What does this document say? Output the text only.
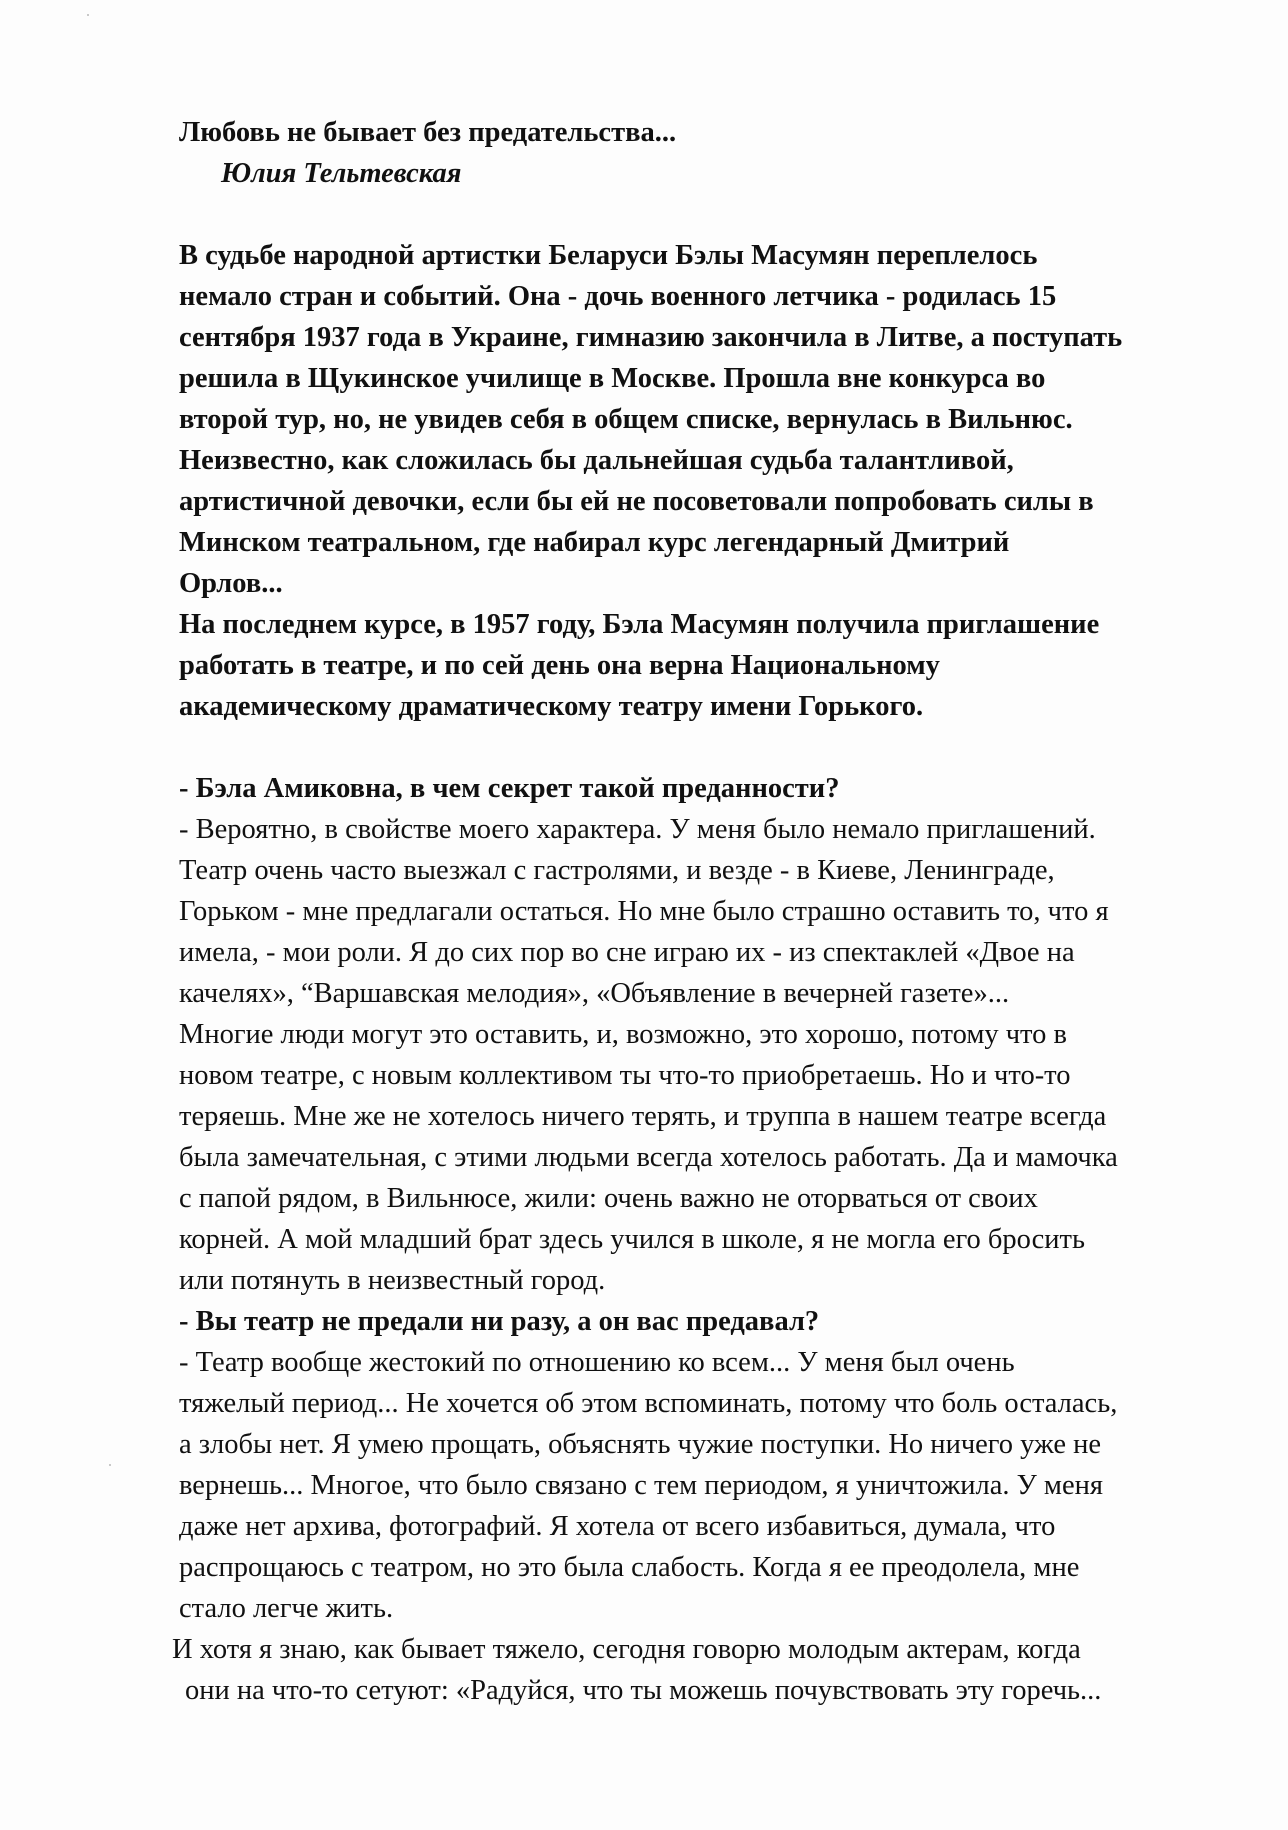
Любовь не бывает без предательства...
Юлия Тельтевская
В судьбе народной артистки Беларуси Бэлы Масумян переплелось
немало стран и событий. Она - дочь военного летчика - родилась 15
сентября 1937 года в Украине, гимназию закончила в Литве, а поступать
решила в Щукинское училище в Москве. Прошла вне конкурса во
второй тур, но, не увидев себя в общем списке, вернулась в Вильнюс.
Неизвестно, как сложилась бы дальнейшая судьба талантливой,
артистичной девочки, если бы ей не посоветовали попробовать силы в
Минском театральном, где набирал курс легендарный Дмитрий
Орлов...
На последнем курсе, в 1957 году, Бэла Масумян получила приглашение
работать в театре, и по сей день она верна Национальному
академическому драматическому театру имени Горького.
- Бэла Амиковна, в чем секрет такой преданности?
- Вероятно, в свойстве моего характера. У меня было немало приглашений.
Театр очень часто выезжал с гастролями, и везде - в Киеве, Ленинграде,
Горьком - мне предлагали остаться. Но мне было страшно оставить то, что я
имела, - мои роли. Я до сих пор во сне играю их - из спектаклей «Двое на
качелях», “Варшавская мелодия», «Объявление в вечерней газете»...
Многие люди могут это оставить, и, возможно, это хорошо, потому что в
новом театре, с новым коллективом ты что-то приобретаешь. Но и что-то
теряешь. Мне же не хотелось ничего терять, и труппа в нашем театре всегда
была замечательная, с этими людьми всегда хотелось работать. Да и мамочка
с папой рядом, в Вильнюсе, жили: очень важно не оторваться от своих
корней. А мой младший брат здесь учился в школе, я не могла его бросить
или потянуть в неизвестный город.
- Вы театр не предали ни разу, а он вас предавал?
- Театр вообще жестокий по отношению ко всем... У меня был очень
тяжелый период... Не хочется об этом вспоминать, потому что боль осталась,
а злобы нет. Я умею прощать, объяснять чужие поступки. Но ничего уже не
вернешь... Многое, что было связано с тем периодом, я уничтожила. У меня
даже нет архива, фотографий. Я хотела от всего избавиться, думала, что
распрощаюсь с театром, но это была слабость. Когда я ее преодолела, мне
стало легче жить.
И хотя я знаю, как бывает тяжело, сегодня говорю молодым актерам, когда
они на что-то сетуют: «Радуйся, что ты можешь почувствовать эту горечь...
